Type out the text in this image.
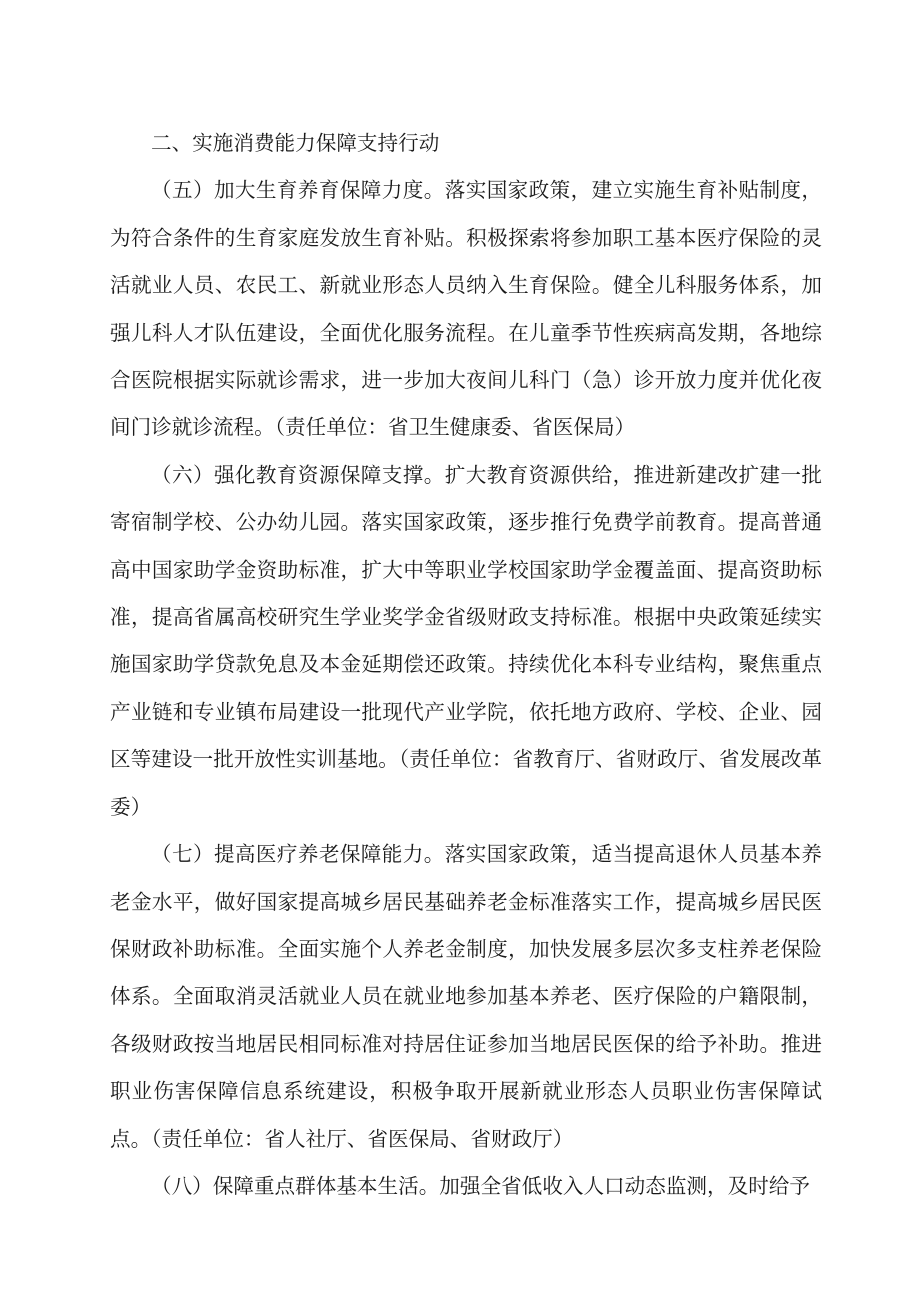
二、实施消费能力保障支持行动

（五）加大生育养育保障力度。落实国家政策，建立实施生育补贴制度，为符合条件的生育家庭发放生育补贴。积极探索将参加职工基本医疗保险的灵活就业人员、农民工、新就业形态人员纳入生育保险。健全儿科服务体系，加强儿科人才队伍建设，全面优化服务流程。在儿童季节性疾病高发期，各地综合医院根据实际就诊需求，进一步加大夜间儿科门（急）诊开放力度并优化夜间门诊就诊流程。（责任单位：省卫生健康委、省医保局）

（六）强化教育资源保障支撑。扩大教育资源供给，推进新建改扩建一批寄宿制学校、公办幼儿园。落实国家政策，逐步推行免费学前教育。提高普通高中国家助学金资助标准，扩大中等职业学校国家助学金覆盖面、提高资助标准，提高省属高校研究生学业奖学金省级财政支持标准。根据中央政策延续实施国家助学贷款免息及本金延期偿还政策。持续优化本科专业结构，聚焦重点产业链和专业镇布局建设一批现代产业学院，依托地方政府、学校、企业、园区等建设一批开放性实训基地。（责任单位：省教育厅、省财政厅、省发展改革委）

（七）提高医疗养老保障能力。落实国家政策，适当提高退休人员基本养老金水平，做好国家提高城乡居民基础养老金标准落实工作，提高城乡居民医保财政补助标准。全面实施个人养老金制度，加快发展多层次多支柱养老保险体系。全面取消灵活就业人员在就业地参加基本养老、医疗保险的户籍限制，各级财政按当地居民相同标准对持居住证参加当地居民医保的给予补助。推进职业伤害保障信息系统建设，积极争取开展新就业形态人员职业伤害保障试点。（责任单位：省人社厅、省医保局、省财政厅）

（八）保障重点群体基本生活。加强全省低收入人口动态监测，及时给予
